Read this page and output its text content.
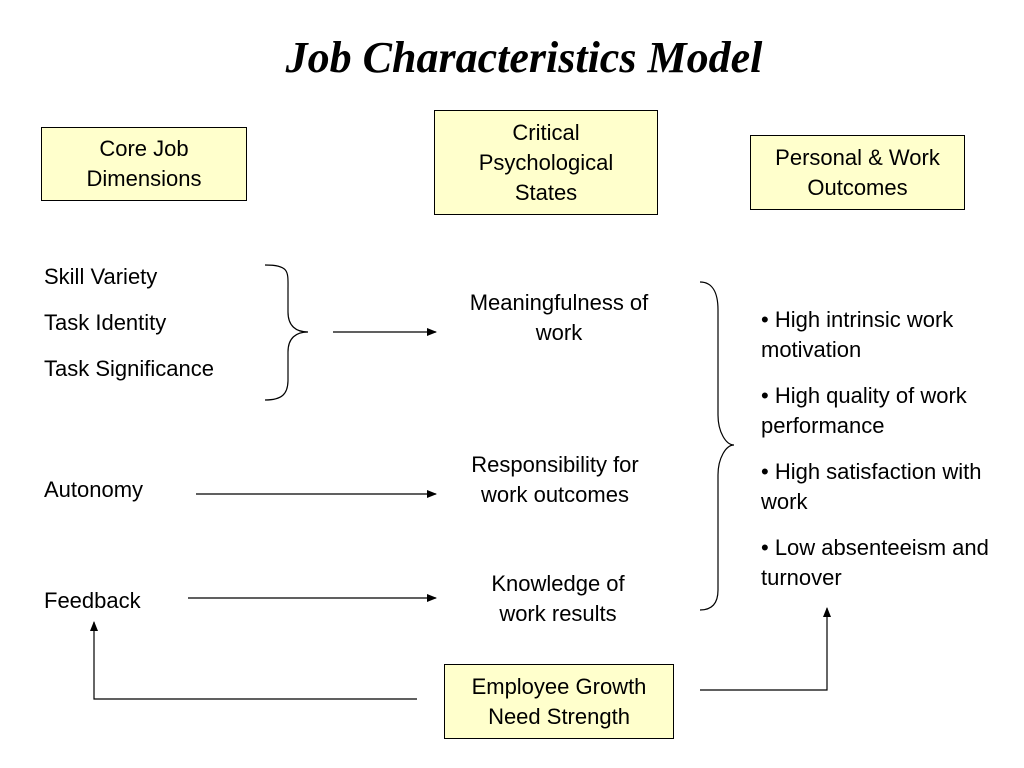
Job Characteristics Model
Core Job Dimensions
Critical Psychological States
Personal & Work Outcomes
Skill Variety
Task Identity
Task Significance
Autonomy
Feedback
Meaningfulness of work
Responsibility for work outcomes
Knowledge of work results
• High intrinsic work motivation
• High quality of work performance
• High satisfaction with work
• Low absenteeism and turnover
Employee Growth Need Strength
